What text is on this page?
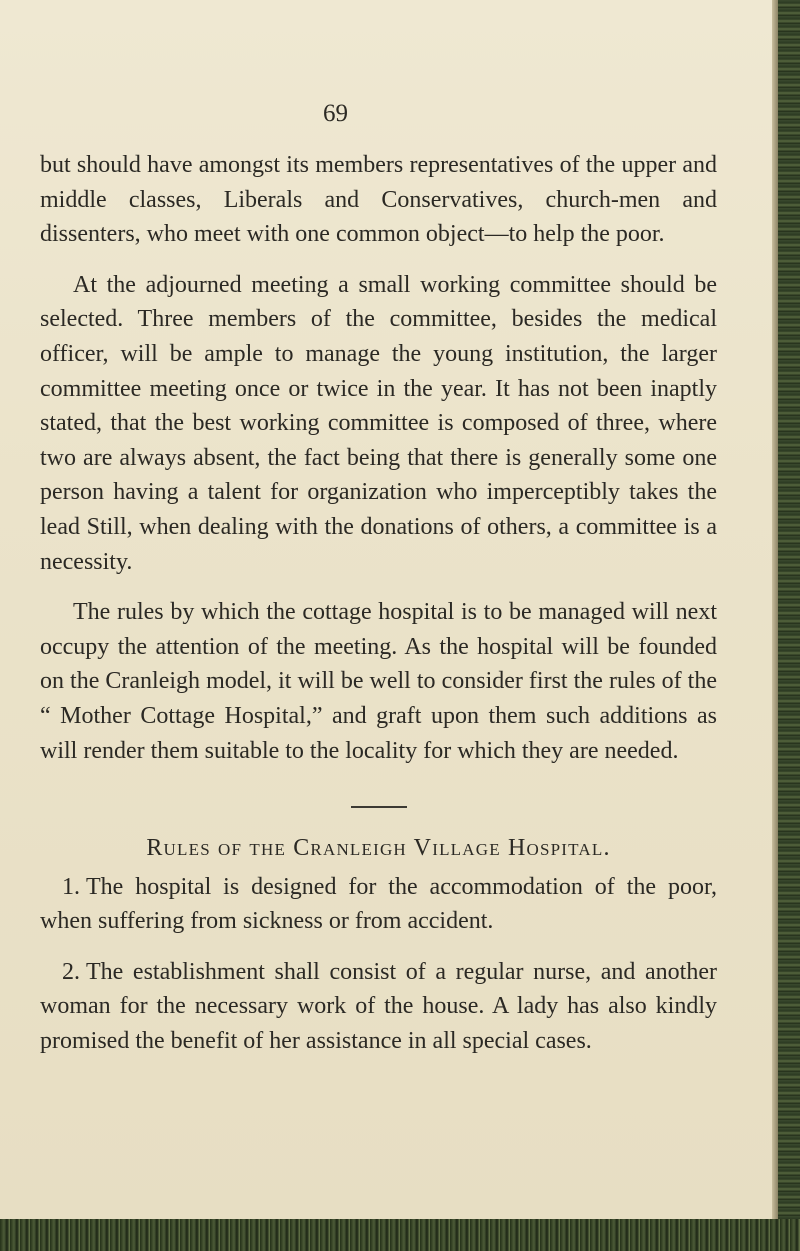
69

but should have amongst its members representatives of the upper and middle classes, Liberals and Conservatives, church-men and dissenters, who meet with one common object—to help the poor.

At the adjourned meeting a small working committee should be selected. Three members of the committee, besides the medical officer, will be ample to manage the young institution, the larger committee meeting once or twice in the year. It has not been inaptly stated, that the best working committee is composed of three, where two are always absent, the fact being that there is generally some one person having a talent for organization who imperceptibly takes the lead Still, when dealing with the donations of others, a committee is a necessity.

The rules by which the cottage hospital is to be managed will next occupy the attention of the meeting. As the hospital will be founded on the Cranleigh model, it will be well to consider first the rules of the “ Mother Cottage Hospital,” and graft upon them such additions as will render them suitable to the locality for which they are needed.

Rules of the Cranleigh Village Hospital.

1. The hospital is designed for the accommodation of the poor, when suffering from sickness or from accident.

2. The establishment shall consist of a regular nurse, and another woman for the necessary work of the house. A lady has also kindly promised the benefit of her assistance in all special cases.
